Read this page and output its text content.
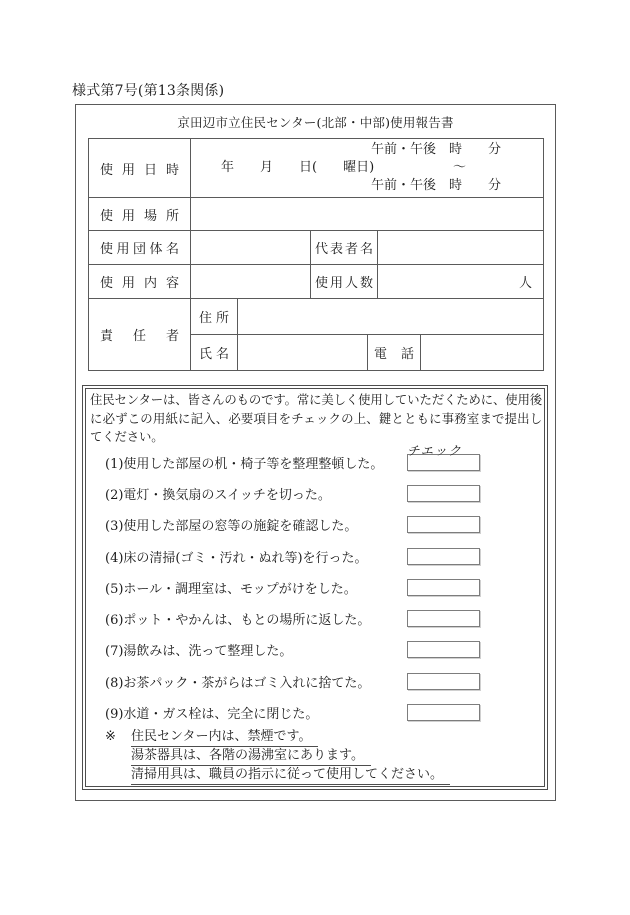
様式第7号(第13条関係)
京田辺市立住民センター(北部・中部)使用報告書
使用日時	午前・午後　時　　分
年　　月　　日(　　曜日) 〜
午前・午後　時　　分					

使用場所						
使用団体名			代表者名			
使用内容			使用人数		人	
責任者	住所					
	氏名			電話		

住民センターは、皆さんのものです。常に美しく使用していただくために、使用後に必ずこの用紙に記入、必要項目をチェックの上、鍵とともに事務室まで提出してください。

チエック
(1)使用した部屋の机・椅子等を整理整頓した。
(2)電灯・換気扇のスイッチを切った。
(3)使用した部屋の窓等の施錠を確認した。
(4)床の清掃(ゴミ・汚れ・ぬれ等)を行った。
(5)ホール・調理室は、モップがけをした。
(6)ポット・やかんは、もとの場所に返した。
(7)湯飲みは、洗って整理した。
(8)お茶パック・茶がらはゴミ入れに捨てた。
(9)水道・ガス栓は、完全に閉じた。
※	住民センター内は、禁煙です。
湯茶器具は、各階の湯沸室にあります。
清掃用具は、職員の指示に従って使用してください。
